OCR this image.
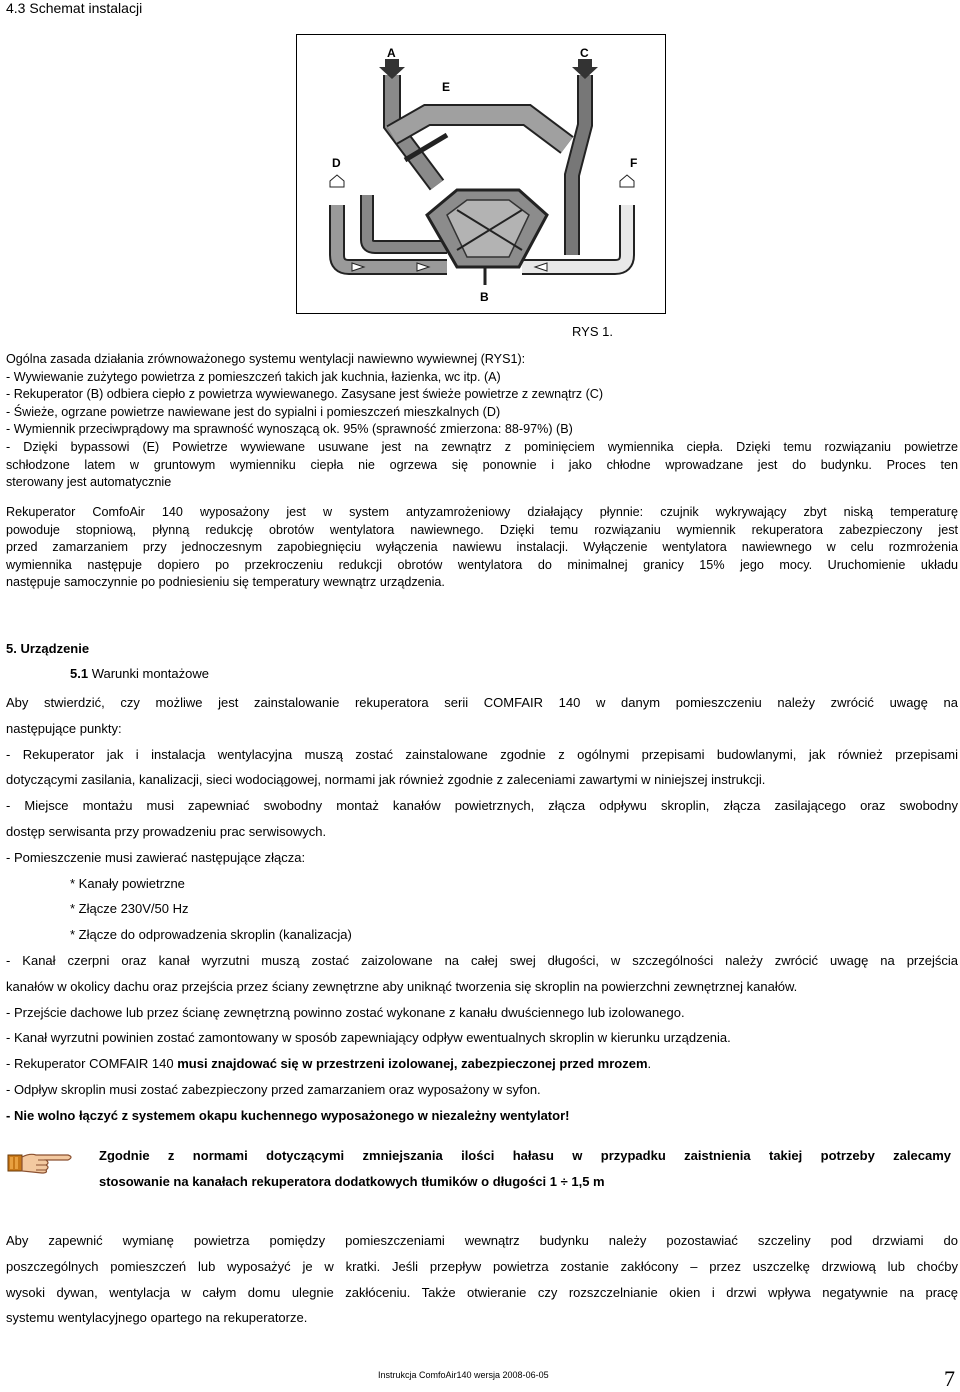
4.3 Schemat instalacji
A	C
E
D	F
B
RYS 1.
Ogólna zasada działania zrównoważonego systemu wentylacji nawiewno wywiewnej (RYS1):
- Wywiewanie zużytego powietrza z pomieszczeń takich jak kuchnia, łazienka, wc itp. (A)
- Rekuperator (B) odbiera ciepło z powietrza wywiewanego. Zasysane jest świeże powietrze z zewnątrz (C)
- Świeże, ogrzane powietrze nawiewane jest do sypialni i pomieszczeń mieszkalnych (D)
- Wymiennik przeciwprądowy ma sprawność wynoszącą ok. 95% (sprawność zmierzona: 88-97%) (B)
- Dzięki bypassowi (E) Powietrze wywiewane usuwane jest na zewnątrz z pominięciem wymiennika ciepła. Dzięki temu rozwiązaniu powietrze
schłodzone latem w gruntowym wymienniku ciepła nie ogrzewa się ponownie i jako chłodne wprowadzane jest do budynku. Proces ten
sterowany jest automatycznie
Rekuperator ComfoAir 140 wyposażony jest w system antyzamrożeniowy działający płynnie: czujnik wykrywający zbyt niską temperaturę
powoduje stopniową, płynną redukcję obrotów wentylatora nawiewnego. Dzięki temu rozwiązaniu wymiennik rekuperatora zabezpieczony jest
przed zamarzaniem przy jednoczesnym zapobiegnięciu wyłączenia nawiewu instalacji. Wyłączenie wentylatora nawiewnego w celu rozmrożenia
wymiennika następuje dopiero po przekroczeniu redukcji obrotów wentylatora do minimalnej granicy 15% jego mocy. Uruchomienie układu
następuje samoczynnie po podniesieniu się temperatury wewnątrz urządzenia.
5. Urządzenie
5.1 Warunki montażowe
Aby stwierdzić, czy możliwe jest zainstalowanie rekuperatora serii COMFAIR 140 w danym pomieszczeniu należy zwrócić uwagę na
następujące punkty:
- Rekuperator jak i instalacja wentylacyjna muszą zostać zainstalowane zgodnie z ogólnymi przepisami budowlanymi, jak również przepisami
dotyczącymi zasilania, kanalizacji, sieci wodociągowej, normami jak również zgodnie z zaleceniami zawartymi w niniejszej instrukcji.
- Miejsce montażu musi zapewniać swobodny montaż kanałów powietrznych, złącza odpływu skroplin, złącza zasilającego oraz swobodny
dostęp serwisanta przy prowadzeniu prac serwisowych.
- Pomieszczenie musi zawierać następujące złącza:
* Kanały powietrzne
* Złącze 230V/50 Hz
* Złącze do odprowadzenia skroplin (kanalizacja)
- Kanał czerpni oraz kanał wyrzutni muszą zostać zaizolowane na całej swej długości, w szczególności należy zwrócić uwagę na przejścia
kanałów w okolicy dachu oraz przejścia przez ściany zewnętrzne aby uniknąć tworzenia się skroplin na powierzchni zewnętrznej kanałów.
- Przejście dachowe lub przez ścianę zewnętrzną powinno zostać wykonane z kanału dwuściennego lub izolowanego.
- Kanał wyrzutni powinien zostać zamontowany w sposób zapewniający odpływ ewentualnych skroplin w kierunku urządzenia.
- Rekuperator COMFAIR 140 musi znajdować się w przestrzeni izolowanej, zabezpieczonej przed mrozem.
- Odpływ skroplin musi zostać zabezpieczony przed zamarzaniem oraz wyposażony w syfon.
- Nie wolno łączyć z systemem okapu kuchennego wyposażonego w niezależny wentylator!
Zgodnie z normami dotyczącymi zmniejszania ilości hałasu w przypadku zaistnienia takiej potrzeby zalecamy
stosowanie na kanałach rekuperatora dodatkowych tłumików o długości 1 ÷ 1,5 m
Aby zapewnić wymianę powietrza pomiędzy pomieszczeniami wewnątrz budynku należy pozostawiać szczeliny pod drzwiami do
poszczególnych pomieszczeń lub wyposażyć je w kratki. Jeśli przepływ powietrza zostanie zakłócony – przez uszczelkę drzwiową lub choćby
wysoki dywan, wentylacja w całym domu ulegnie zakłóceniu. Także otwieranie czy rozszczelnianie okien i drzwi wpływa negatywnie na pracę
systemu wentylacyjnego opartego na rekuperatorze.
Instrukcja ComfoAir140 wersja 2008-06-05	7
